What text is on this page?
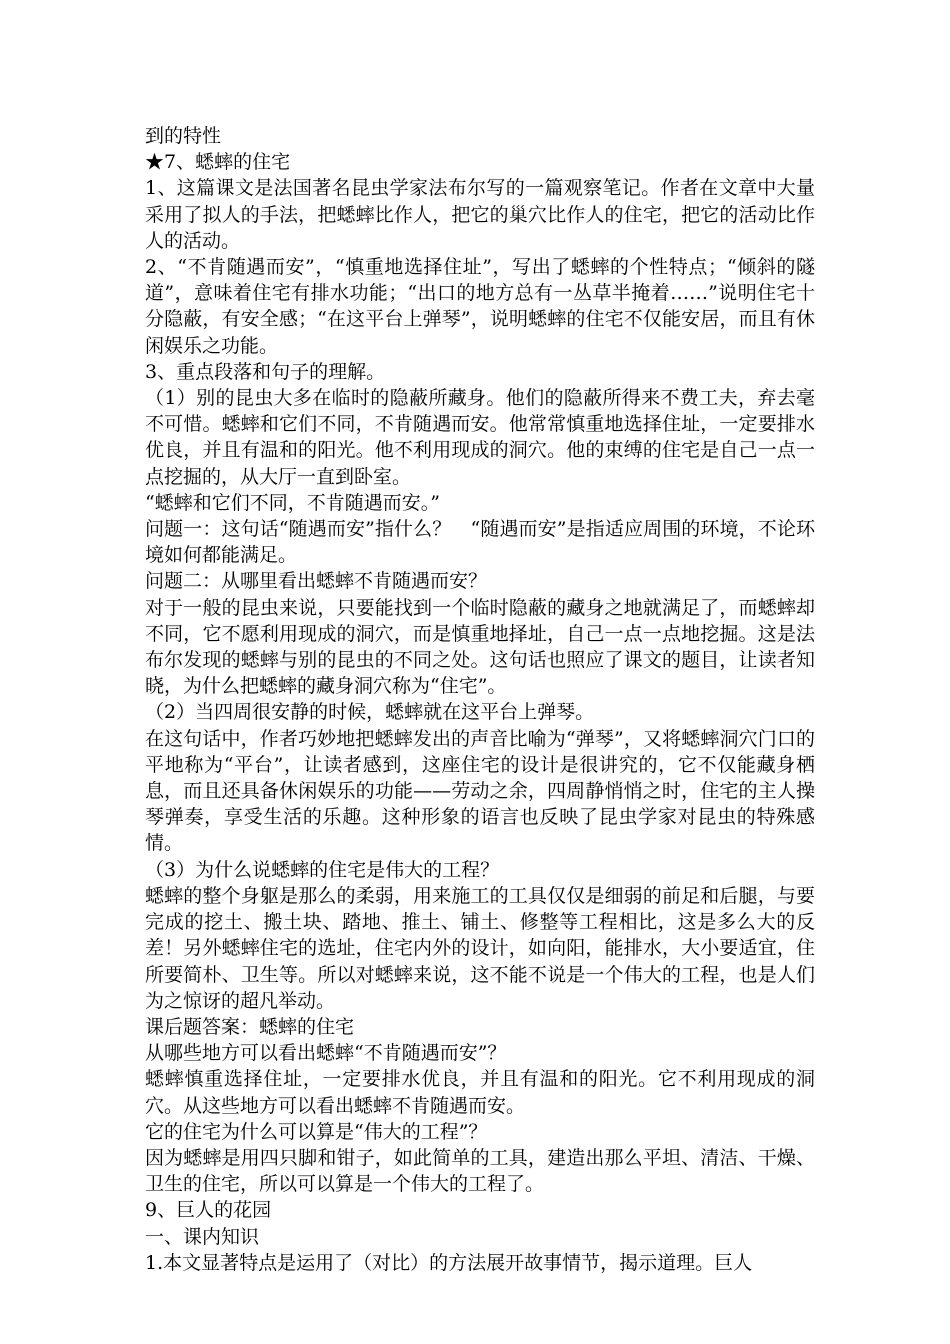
到的特性

★7、蟋蟀的住宅

1、这篇课文是法国著名昆虫学家法布尔写的一篇观察笔记。作者在文章中大量采用了拟人的手法，把蟋蟀比作人，把它的巢穴比作人的住宅，把它的活动比作人的活动。

2、“不肯随遇而安”，“慎重地选择住址”，写出了蟋蟀的个性特点；“倾斜的隧道”，意味着住宅有排水功能；“出口的地方总有一丛草半掩着……”说明住宅十分隐蔽，有安全感；“在这平台上弹琴”，说明蟋蟀的住宅不仅能安居，而且有休闲娱乐之功能。

3、重点段落和句子的理解。

（1）别的昆虫大多在临时的隐蔽所藏身。他们的隐蔽所得来不费工夫，弃去毫不可惜。蟋蟀和它们不同，不肯随遇而安。他常常慎重地选择住址，一定要排水优良，并且有温和的阳光。他不利用现成的洞穴。他的束缚的住宅是自己一点一点挖掘的，从大厅一直到卧室。

“蟋蟀和它们不同，不肯随遇而安。”

问题一：这句话“随遇而安”指什么？　“随遇而安”是指适应周围的环境，不论环境如何都能满足。

问题二：从哪里看出蟋蟀不肯随遇而安？

对于一般的昆虫来说，只要能找到一个临时隐蔽的藏身之地就满足了，而蟋蟀却不同，它不愿利用现成的洞穴，而是慎重地择址，自己一点一点地挖掘。这是法布尔发现的蟋蟀与别的昆虫的不同之处。这句话也照应了课文的题目，让读者知晓，为什么把蟋蟀的藏身洞穴称为“住宅”。

（2）当四周很安静的时候，蟋蟀就在这平台上弹琴。

在这句话中，作者巧妙地把蟋蟀发出的声音比喻为“弹琴”，又将蟋蟀洞穴门口的平地称为“平台”，让读者感到，这座住宅的设计是很讲究的，它不仅能藏身栖息，而且还具备休闲娱乐的功能——劳动之余，四周静悄悄之时，住宅的主人操琴弹奏，享受生活的乐趣。这种形象的语言也反映了昆虫学家对昆虫的特殊感情。

（3）为什么说蟋蟀的住宅是伟大的工程？

蟋蟀的整个身躯是那么的柔弱，用来施工的工具仅仅是细弱的前足和后腿，与要完成的挖土、搬土块、踏地、推土、铺土、修整等工程相比，这是多么大的反差！另外蟋蟀住宅的选址，住宅内外的设计，如向阳，能排水，大小要适宜，住所要简朴、卫生等。所以对蟋蟀来说，这不能不说是一个伟大的工程，也是人们为之惊讶的超凡举动。

课后题答案：蟋蟀的住宅

从哪些地方可以看出蟋蟀“不肯随遇而安”？

蟋蟀慎重选择住址，一定要排水优良，并且有温和的阳光。它不利用现成的洞穴。从这些地方可以看出蟋蟀不肯随遇而安。

它的住宅为什么可以算是“伟大的工程”？

因为蟋蟀是用四只脚和钳子，如此简单的工具，建造出那么平坦、清洁、干燥、卫生的住宅，所以可以算是一个伟大的工程了。

9、巨人的花园

一、课内知识

1.本文显著特点是运用了（对比）的方法展开故事情节，揭示道理。巨人
